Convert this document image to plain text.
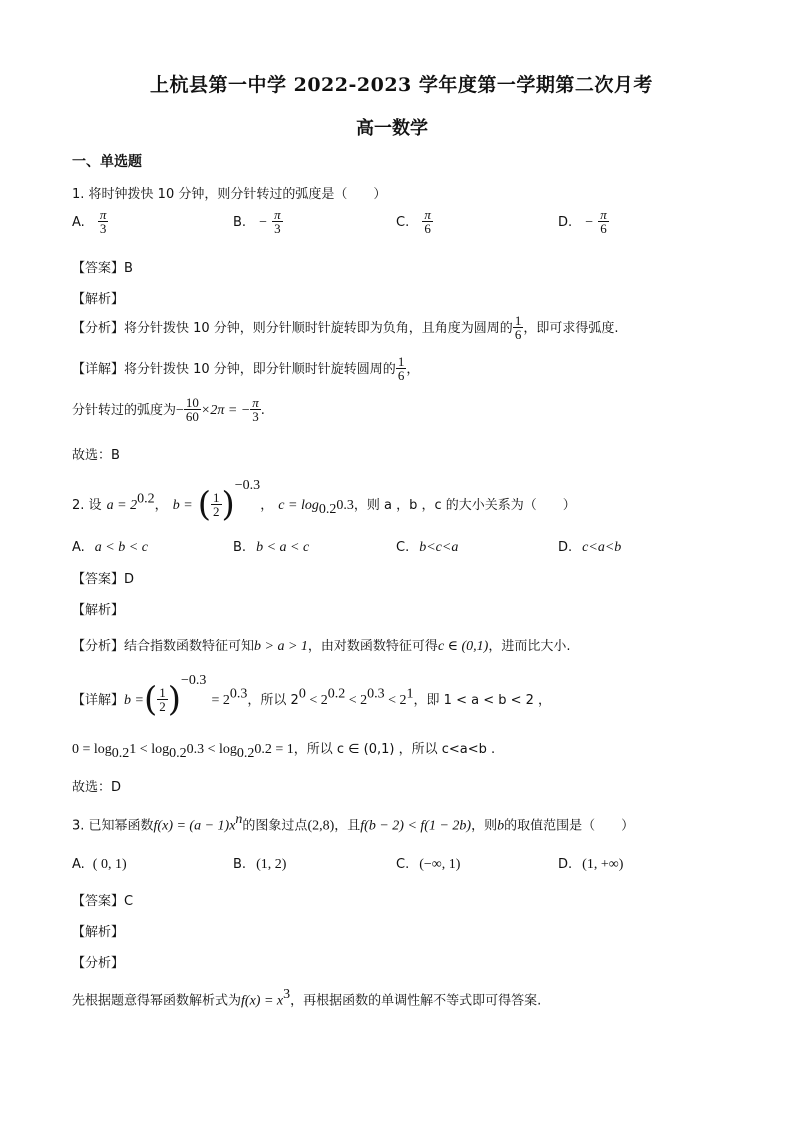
上杭县第一中学 2022-2023 学年度第一学期第二次月考
高一数学
一、单选题
1. 将时钟拨快 10 分钟，则分针转过的弧度是（　　）
A. $\frac{\pi}{3}$	B. − $\frac{\pi}{3}$	C. $\frac{\pi}{6}$	D. − $\frac{\pi}{6}$
【答案】B
【解析】
【分析】将分针拨快 10 分钟，则分针顺时针旋转即为负角，且角度为圆周的 $\frac{1}{6}$ ，即可求得弧度.
【详解】将分针拨快 10 分钟，即分针顺时针旋转圆周的 $\frac{1}{6}$ ，
分针转过的弧度为− $\frac{10}{60} \times 2\pi$ = − $\frac{\pi}{3}$ .
故选：B
2. 设 $a = 2^{0.2}$， b = ( $\frac{1}{2} )^{-0.3}$， $c = \log_{0.2}0.3$，则 a ，b ，c 的大小关系为（　　）
A. a < b < c	B. b < a < c	C. b<c<a	D. c<a<b
【答案】D
【解析】
【分析】结合指数函数特征可知b > a > 1，由对数函数特征可得c ∈ (0,1)，进而比大小.
【详解】b =( $\frac{1}{2} )^{-0.3} = 2^{0.3}$，所以 $2^0 < 2^{0.2} < 2^{0.3} < 2^1$，即 1 < a < b < 2 ，
$0 = \log_{0.2}1 < \log_{0.2}0.3 < \log_{0.2}0.2 = 1$，所以 c ∈ (0,1) ，所以 c<a<b .
故选：D
3. 已知幂函数$f(x) = (a - 1)x^n$的图象过点(2,8)，且f(b − 2) < f(1 − 2b)，则b的取值范围是（　　）
A. ( 0, 1)	B. (1, 2)	C. (−∞, 1)	D. (1, +∞)
【答案】C
【解析】
【分析】
先根据题意得幂函数解析式为$f(x) = x^3$，再根据函数的单调性解不等式即可得答案.
